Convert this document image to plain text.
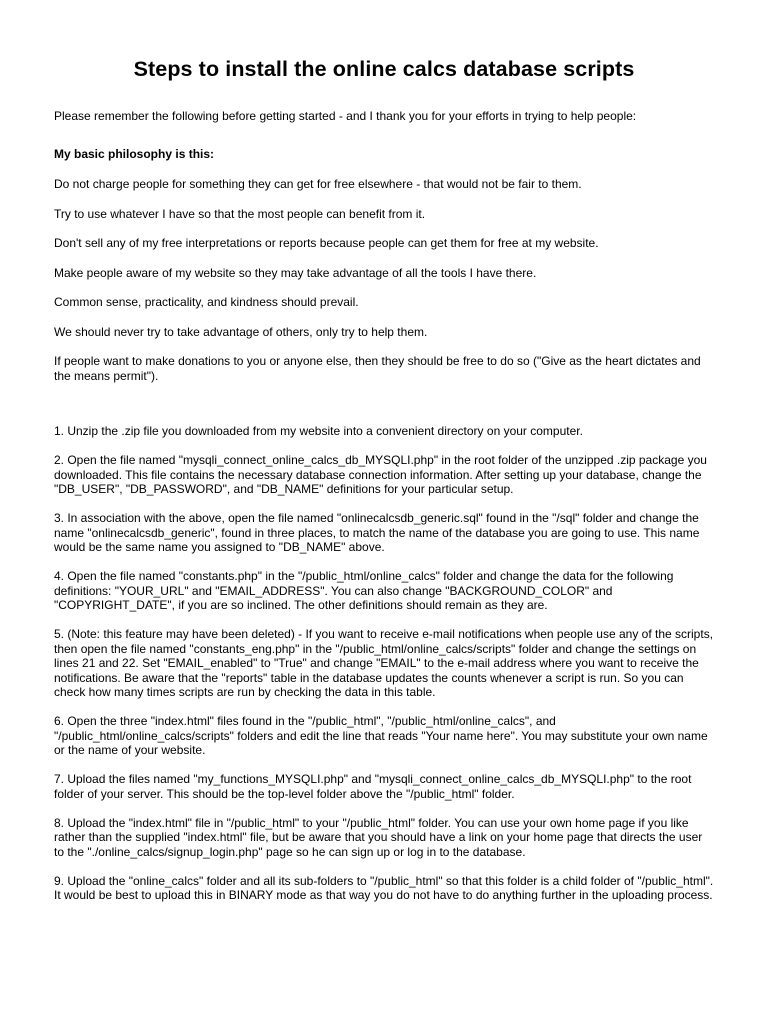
Steps to install the online calcs database scripts

Please remember the following before getting started - and I thank you for your efforts in trying to help people:

My basic philosophy is this:

Do not charge people for something they can get for free elsewhere - that would not be fair to them.

Try to use whatever I have so that the most people can benefit from it.

Don't sell any of my free interpretations or reports because people can get them for free at my website.

Make people aware of my website so they may take advantage of all the tools I have there.

Common sense, practicality, and kindness should prevail.

We should never try to take advantage of others, only try to help them.

If people want to make donations to you or anyone else, then they should be free to do so ("Give as the heart dictates and the means permit").

1. Unzip the .zip file you downloaded from my website into a convenient directory on your computer.

2. Open the file named "mysqli_connect_online_calcs_db_MYSQLI.php" in the root folder of the unzipped .zip package you downloaded. This file contains the necessary database connection information. After setting up your database, change the "DB_USER", "DB_PASSWORD", and "DB_NAME" definitions for your particular setup.

3. In association with the above, open the file named "onlinecalcsdb_generic.sql" found in the "/sql" folder and change the name "onlinecalcsdb_generic", found in three places, to match the name of the database you are going to use. This name would be the same name you assigned to "DB_NAME" above.

4. Open the file named "constants.php" in the "/public_html/online_calcs" folder and change the data for the following definitions: "YOUR_URL" and "EMAIL_ADDRESS". You can also change "BACKGROUND_COLOR" and "COPYRIGHT_DATE", if you are so inclined. The other definitions should remain as they are.

5. (Note: this feature may have been deleted) - If you want to receive e-mail notifications when people use any of the scripts, then open the file named "constants_eng.php" in the "/public_html/online_calcs/scripts" folder and change the settings on lines 21 and 22. Set "EMAIL_enabled" to "True" and change "EMAIL" to the e-mail address where you want to receive the notifications. Be aware that the "reports" table in the database updates the counts whenever a script is run. So you can check how many times scripts are run by checking the data in this table.

6. Open the three "index.html" files found in the "/public_html", "/public_html/online_calcs", and "/public_html/online_calcs/scripts" folders and edit the line that reads "Your name here". You may substitute your own name or the name of your website.

7. Upload the files named "my_functions_MYSQLI.php" and "mysqli_connect_online_calcs_db_MYSQLI.php" to the root folder of your server. This should be the top-level folder above the "/public_html" folder.

8. Upload the "index.html" file in "/public_html" to your "/public_html" folder. You can use your own home page if you like rather than the supplied "index.html" file, but be aware that you should have a link on your home page that directs the user to the "./online_calcs/signup_login.php" page so he can sign up or log in to the database.

9. Upload the "online_calcs" folder and all its sub-folders to "/public_html" so that this folder is a child folder of "/public_html". It would be best to upload this in BINARY mode as that way you do not have to do anything further in the uploading process.
